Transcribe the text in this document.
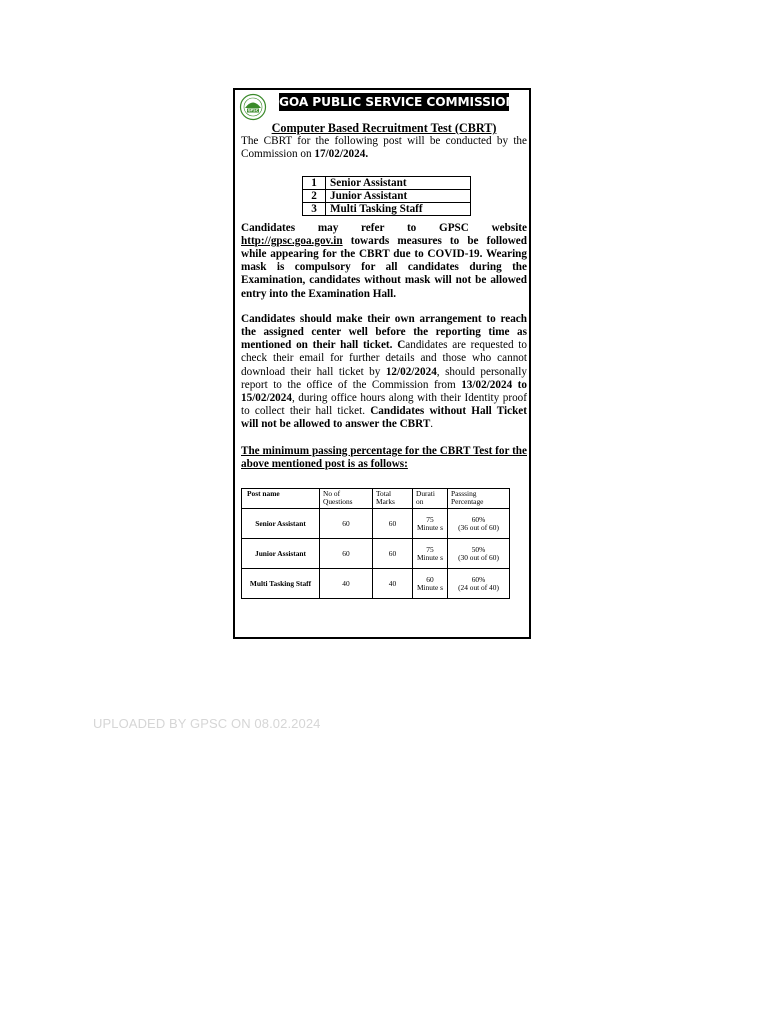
GPSC
GOA PUBLIC SERVICE COMMISSION

Computer Based Recruitment Test (CBRT)

The CBRT for the following post will be conducted by the Commission on 17/02/2024.

1	Senior Assistant
2	Junior Assistant
3	Multi Tasking Staff

Candidates may refer to GPSC website http://gpsc.goa.gov.in towards measures to be followed while appearing for the CBRT due to COVID-19. Wearing mask is compulsory for all candidates during the Examination, candidates without mask will not be allowed entry into the Examination Hall.

Candidates should make their own arrangement to reach the assigned center well before the reporting time as mentioned on their hall ticket. Candidates are requested to check their email for further details and those who cannot download their hall ticket by 12/02/2024, should personally report to the office of the Commission from 13/02/2024 to 15/02/2024, during office hours along with their Identity proof to collect their hall ticket. Candidates without Hall Ticket will not be allowed to answer the CBRT.

The minimum passing percentage for the CBRT Test for the above mentioned post is as follows:

Post name	No of Questions	Total Marks	Durati on	Passsing Percentage
Senior Assistant	60	60	75 Minute s	60%
(36 out of 60)

Junior Assistant	60	60	75 Minute s	50%
(30 out of 60)

Multi Tasking Staff	40	40	60 Minute s	60%
(24 out of 40)
UPLOADED BY GPSC ON 08.02.2024
